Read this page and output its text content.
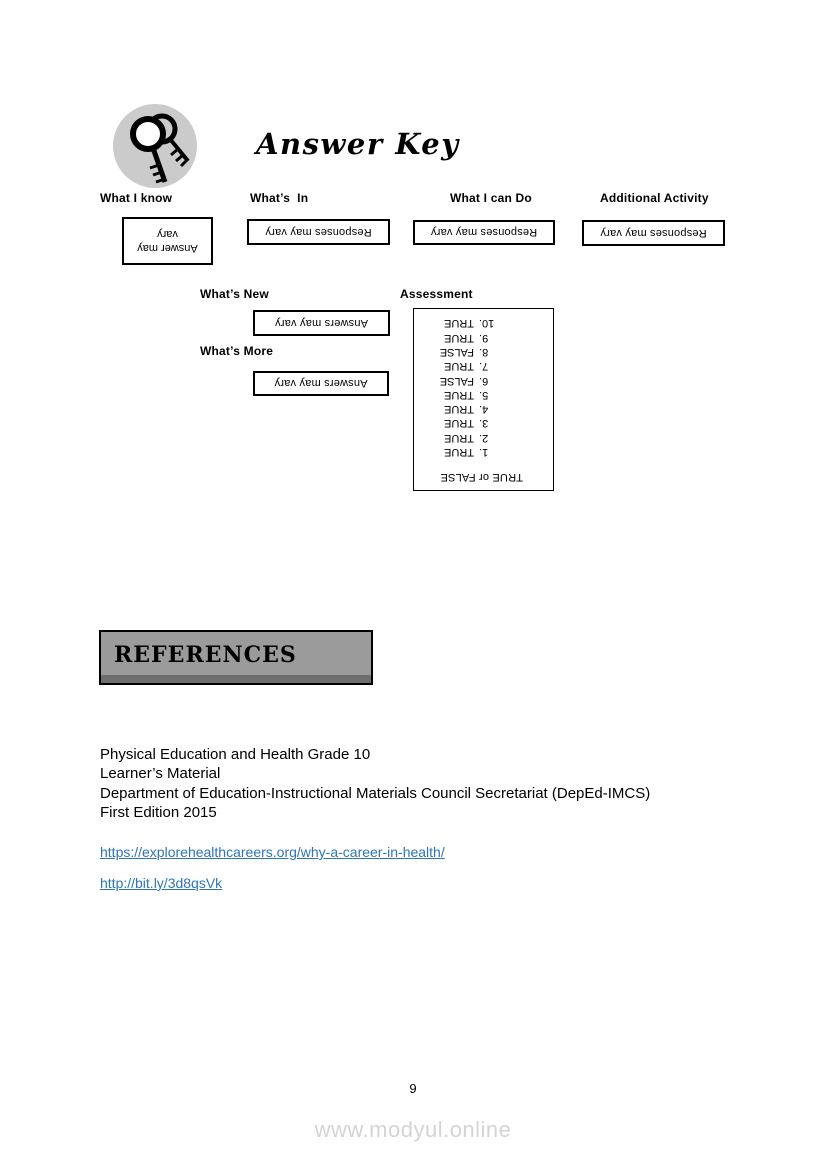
Answer Key
What I know	What’s  In	What I can Do	Additional Activity
Answer may vary	Responses may vary	Responses may vary	Responses may vary
What’s New
Answers may vary
What’s More
Answers may vary
Assessment
TRUE or FALSE
1.
TRUE
2.
TRUE
3.
TRUE
4.
TRUE
5.
TRUE
6.
FALSE
7.
TRUE
8.
FALSE
9.
TRUE
10.
TRUE
REFERENCES
Physical Education and Health Grade 10
Learner’s Material
Department of Education-Instructional Materials Council Secretariat (DepEd-IMCS)
First Edition 2015
https://explorehealthcareers.org/why-a-career-in-health/
http://bit.ly/3d8qsVk
9
www.modyul.online
